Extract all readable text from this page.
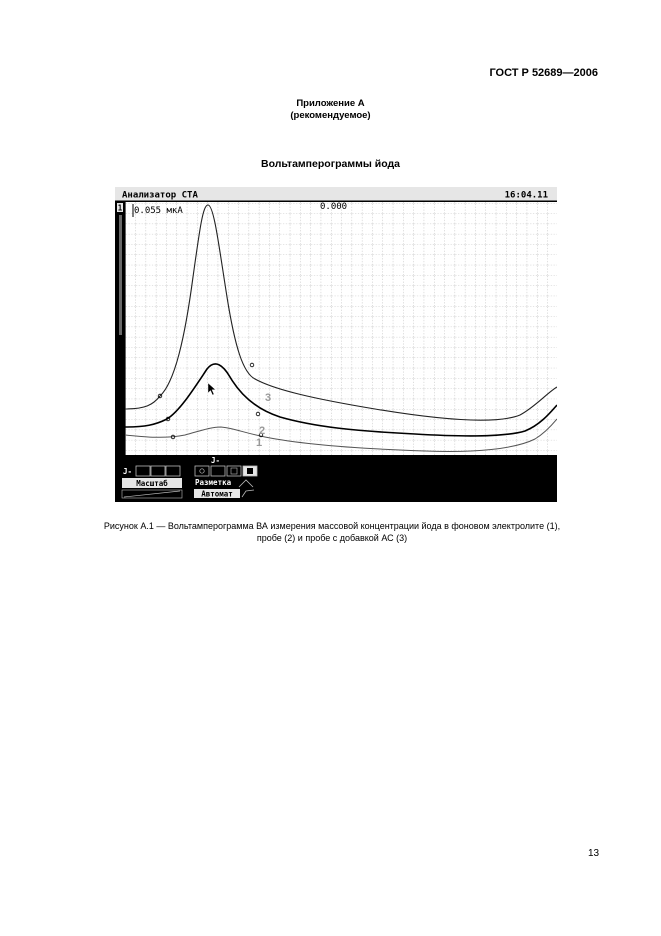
ГОСТ Р 52689—2006
Приложение А
(рекомендуемое)
Вольтамперограммы йода
Анализатор СТА	16:04.11
1 0.055 мкА	0.000
3
2
1
J-
J-
Масштаб	Разметка
Автомат
Рисунок А.1 — Вольтамперограмма ВА измерения массовой концентрации йода в фоновом электролите (1),
пробе (2) и пробе с добавкой АС (3)
13
